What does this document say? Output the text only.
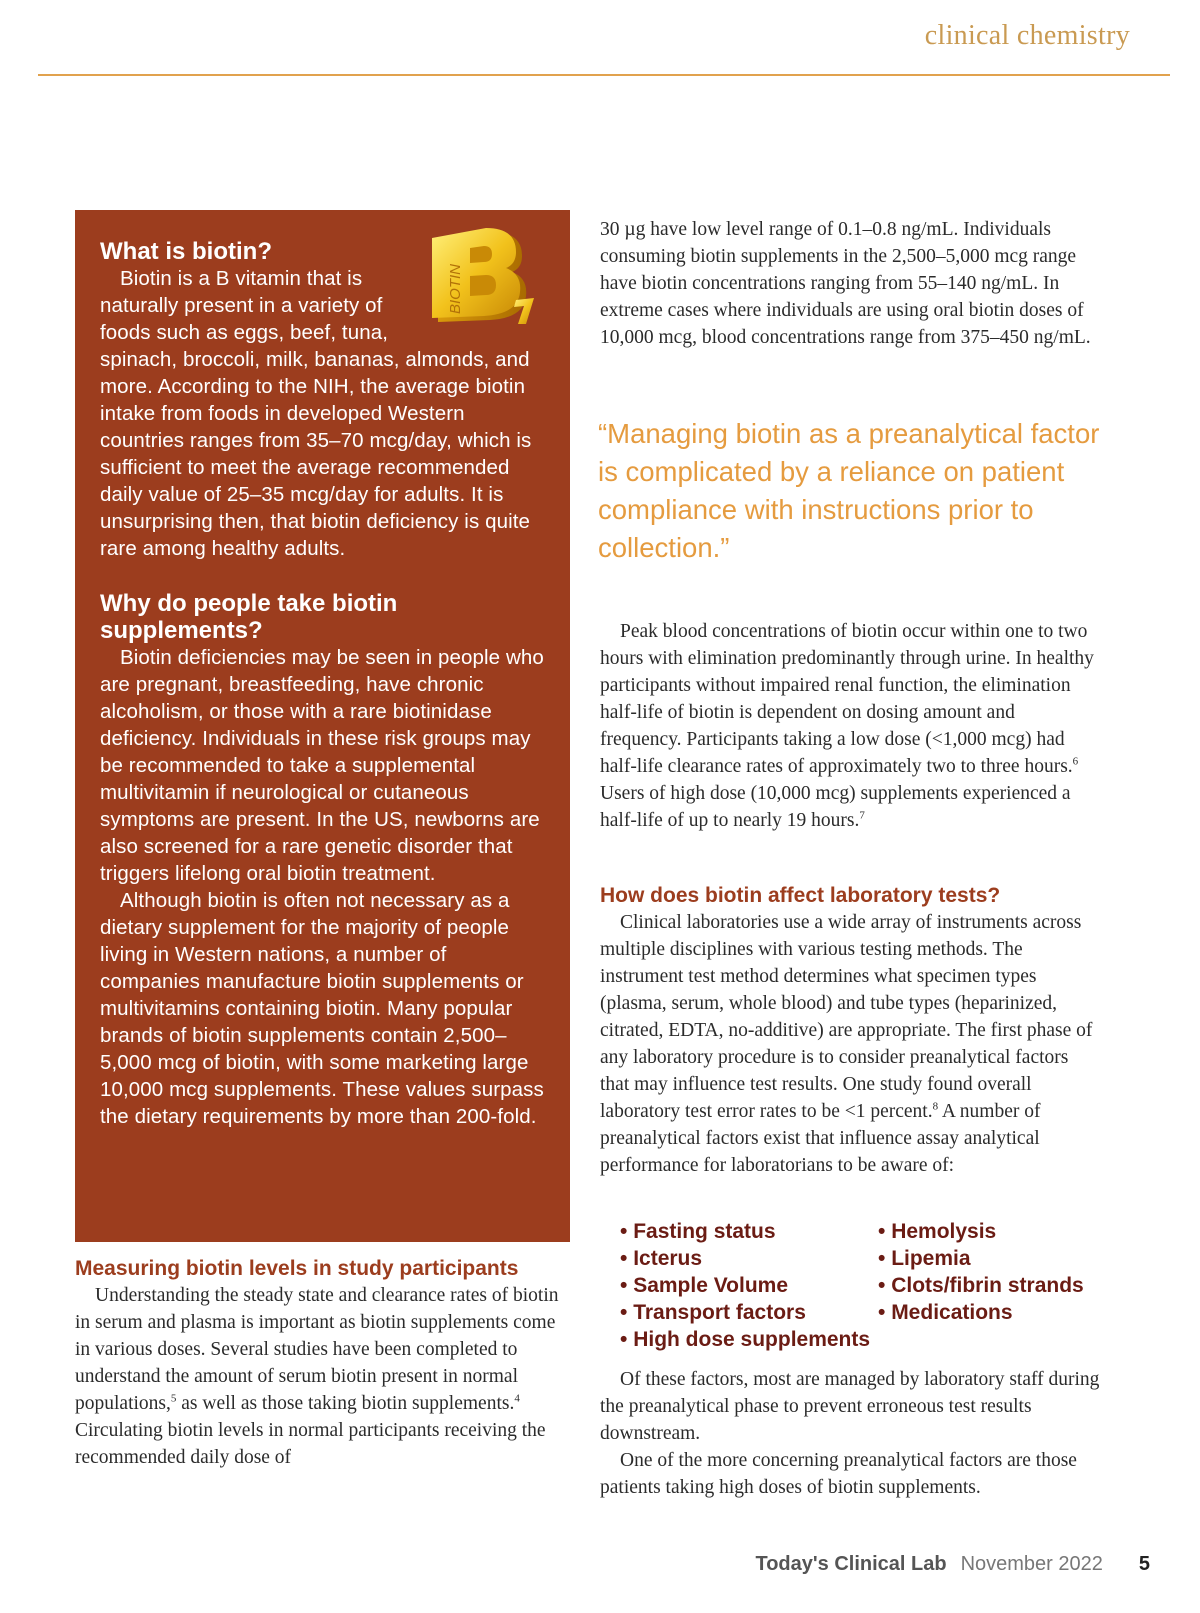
clinical chemistry
BIOTIN
What is biotin?

Biotin is a B vitamin that is naturally present in a variety of foods such as eggs, beef, tuna, spinach, broccoli, milk, bananas, almonds, and more. According to the NIH, the average biotin intake from foods in developed Western countries ranges from 35–70 mcg/day, which is sufficient to meet the average recommended daily value of 25–35 mcg/day for adults. It is unsurprising then, that biotin deficiency is quite rare among healthy adults.

Why do people take biotin supplements?

Biotin deficiencies may be seen in people who are pregnant, breastfeeding, have chronic alcoholism, or those with a rare biotinidase deficiency. Individuals in these risk groups may be recommended to take a supplemental multivitamin if neurological or cutaneous symptoms are present. In the US, newborns are also screened for a rare genetic disorder that triggers lifelong oral biotin treatment.

Although biotin is often not necessary as a dietary supplement for the majority of people living in Western nations, a number of companies manufacture biotin supplements or multivitamins containing biotin. Many popular brands of biotin supplements contain 2,500–5,000 mcg of biotin, with some marketing large 10,000 mcg supplements. These values surpass the dietary requirements by more than 200-fold.

Measuring biotin levels in study participants

Understanding the steady state and clearance rates of biotin in serum and plasma is important as biotin supplements come in various doses. Several studies have been completed to understand the amount of serum biotin present in normal populations,$^5$ as well as those taking biotin supplements.$^4$ Circulating biotin levels in normal participants receiving the recommended daily dose of

30 µg have low level range of 0.1–0.8 ng/mL. Individuals consuming biotin supplements in the 2,500–5,000 mcg range have biotin concentrations ranging from 55–140 ng/mL. In extreme cases where individuals are using oral biotin doses of 10,000 mcg, blood concentrations range from 375–450 ng/mL.

“Managing biotin as a preanalytical factor is complicated by a reliance on patient compliance with instructions prior to collection.”

Peak blood concentrations of biotin occur within one to two hours with elimination predominantly through urine. In healthy participants without impaired renal function, the elimination half-life of biotin is dependent on dosing amount and frequency. Participants taking a low dose (<1,000 mcg) had half-life clearance rates of approximately two to three hours.$^6$ Users of high dose (10,000 mcg) supplements experienced a half-life of up to nearly 19 hours.$^7$

How does biotin affect laboratory tests?

Clinical laboratories use a wide array of instruments across multiple disciplines with various testing methods. The instrument test method determines what specimen types (plasma, serum, whole blood) and tube types (heparinized, citrated, EDTA, no-additive) are appropriate. The first phase of any laboratory procedure is to consider preanalytical factors that may influence test results. One study found overall laboratory test error rates to be <1 percent.$^8$ A number of preanalytical factors exist that influence assay analytical performance for laboratorians to be aware of:

• Fasting status	• Hemolysis
• Icterus	• Lipemia
• Sample Volume	• Clots/fibrin strands
• Transport factors	• Medications
• High dose supplements

Of these factors, most are managed by laboratory staff during the preanalytical phase to prevent erroneous test results downstream.

One of the more concerning preanalytical factors are those patients taking high doses of biotin supplements.

Today's Clinical Lab November 2022 5
